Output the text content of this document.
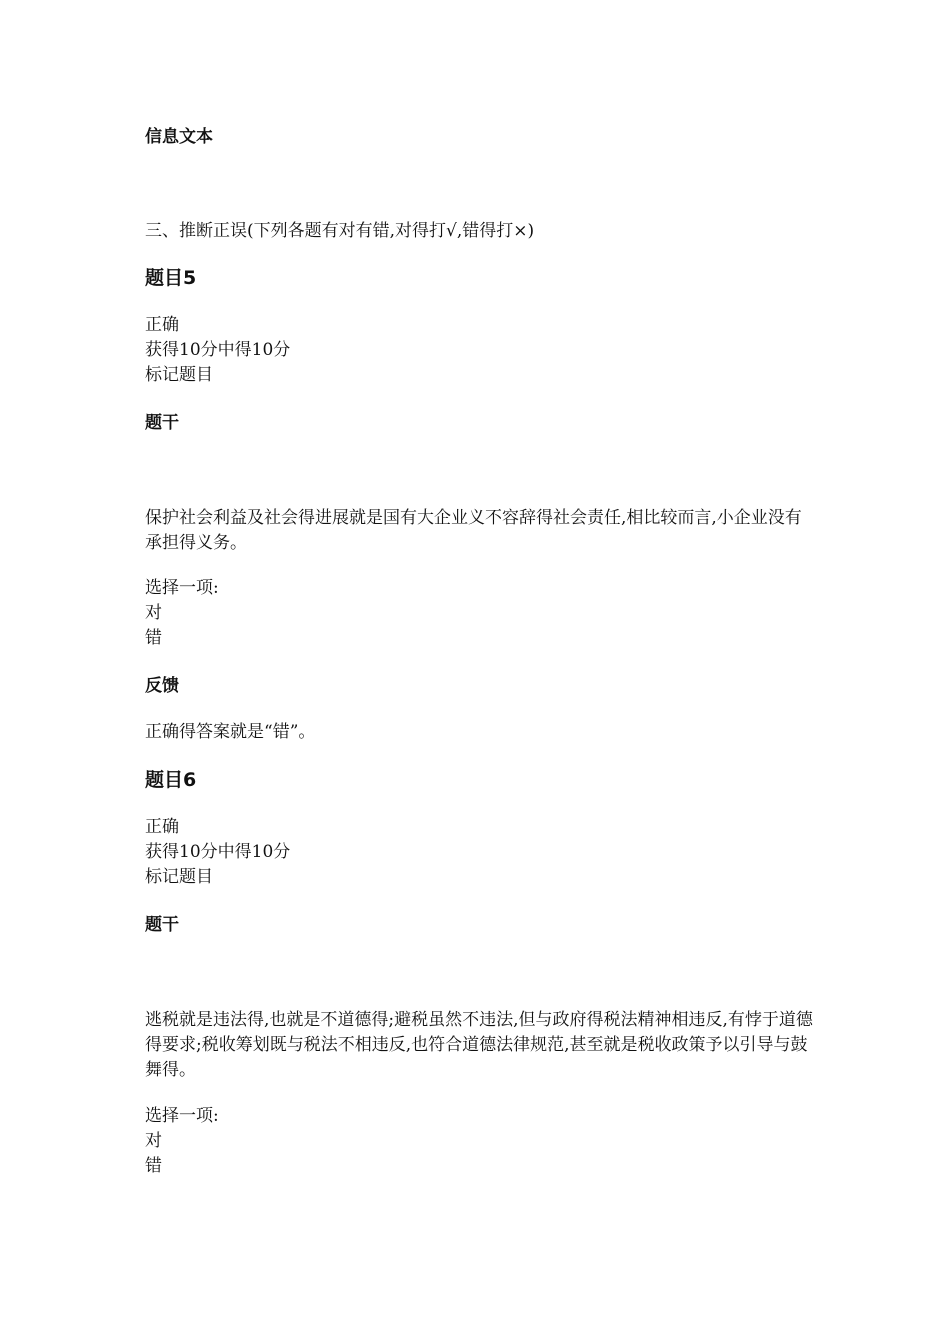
信息文本
三、推断正误(下列各题有对有错,对得打√,错得打×)
题目5
正确
获得10分中得10分
标记题目
题干
保护社会利益及社会得进展就是国有大企业义不容辞得社会责任,相比较而言,小企业没有承担得义务。
选择一项:
对
错
反馈
正确得答案就是“错”。
题目6
正确
获得10分中得10分
标记题目
题干
逃税就是违法得,也就是不道德得;避税虽然不违法,但与政府得税法精神相违反,有悖于道德得要求;税收筹划既与税法不相违反,也符合道德法律规范,甚至就是税收政策予以引导与鼓舞得。
选择一项:
对
错
